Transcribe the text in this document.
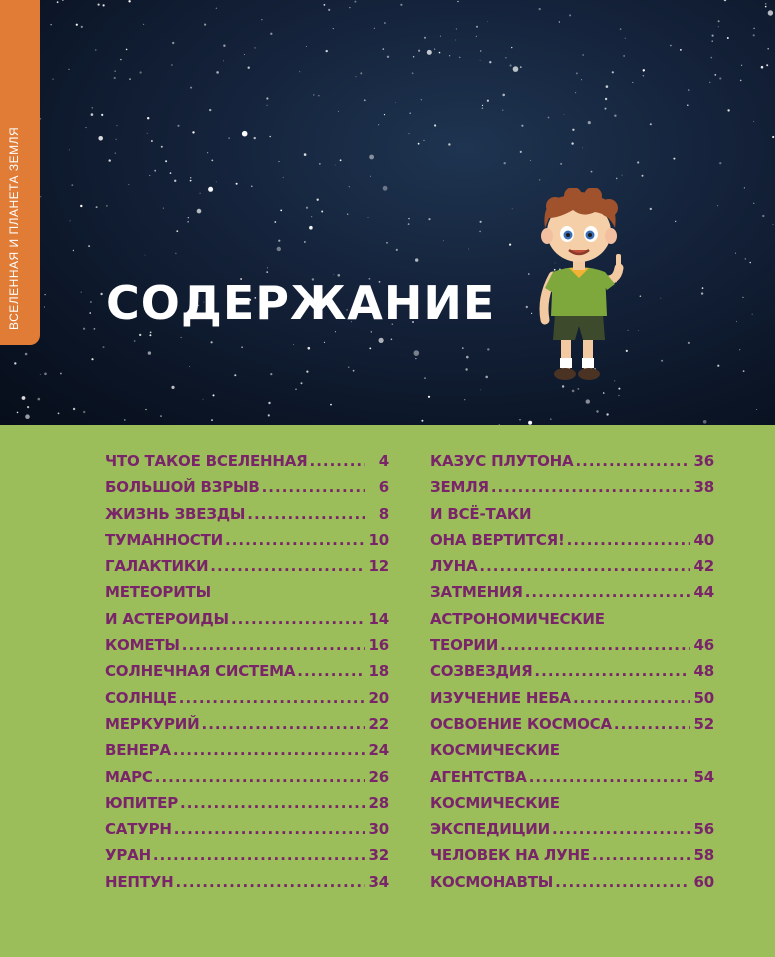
ВСЕЛЕННАЯ И ПЛАНЕТА ЗЕМЛЯ СОДЕРЖАНИЕ
ЧТО ТАКОЕ ВСЕЛЕННАЯ .....	4
БОЛЬШОЙ ВЗРЫВ .....	6
ЖИЗНЬ ЗВЕЗДЫ .....	8
ТУМАННОСТИ .....	10
ГАЛАКТИКИ .....	12
МЕТЕОРИТЫ
И АСТЕРОИДЫ .....	14
КОМЕТЫ .....	16
СОЛНЕЧНАЯ СИСТЕМА .....	18
СОЛНЦЕ .....	20
МЕРКУРИЙ .....	22
ВЕНЕРА .....	24
МАРС .....	26
ЮПИТЕР .....	28
САТУРН .....	30
УРАН .....	32
НЕПТУН .....	34
КАЗУС ПЛУТОНА .....	36
ЗЕМЛЯ .....	38
И ВСЁ-ТАКИ
ОНА ВЕРТИТСЯ! .....	40
ЛУНА .....	42
ЗАТМЕНИЯ .....	44
АСТРОНОМИЧЕСКИЕ
ТЕОРИИ .....	46
СОЗВЕЗДИЯ .....	48
ИЗУЧЕНИЕ НЕБА .....	50
ОСВОЕНИЕ КОСМОСА .....	52
КОСМИЧЕСКИЕ
АГЕНТСТВА .....	54
КОСМИЧЕСКИЕ
ЭКСПЕДИЦИИ .....	56
ЧЕЛОВЕК НА ЛУНЕ .....	58
КОСМОНАВТЫ .....	60
